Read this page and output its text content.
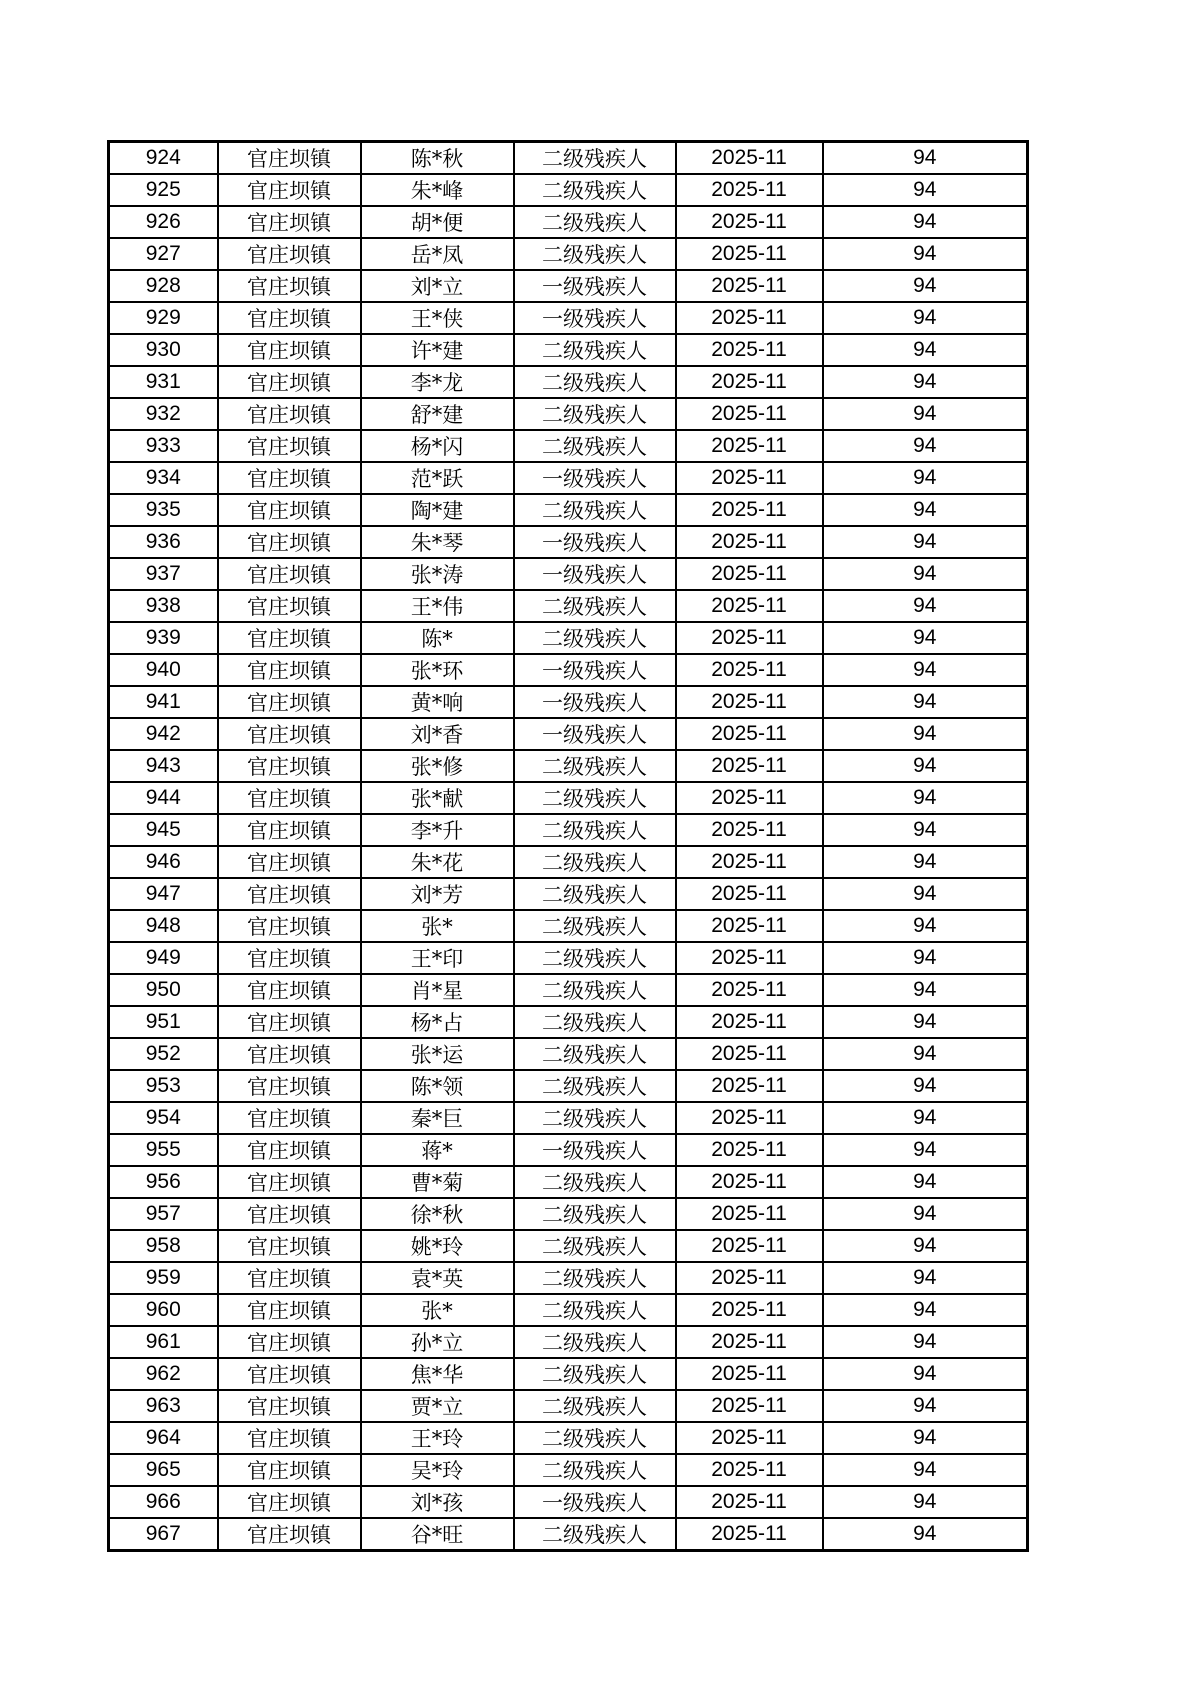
924	官庄坝镇	陈*秋	二级残疾人	2025-11	94
925	官庄坝镇	朱*峰	二级残疾人	2025-11	94
926	官庄坝镇	胡*便	二级残疾人	2025-11	94
927	官庄坝镇	岳*凤	二级残疾人	2025-11	94
928	官庄坝镇	刘*立	一级残疾人	2025-11	94
929	官庄坝镇	王*侠	一级残疾人	2025-11	94
930	官庄坝镇	许*建	二级残疾人	2025-11	94
931	官庄坝镇	李*龙	二级残疾人	2025-11	94
932	官庄坝镇	舒*建	二级残疾人	2025-11	94
933	官庄坝镇	杨*闪	二级残疾人	2025-11	94
934	官庄坝镇	范*跃	一级残疾人	2025-11	94
935	官庄坝镇	陶*建	二级残疾人	2025-11	94
936	官庄坝镇	朱*琴	一级残疾人	2025-11	94
937	官庄坝镇	张*涛	一级残疾人	2025-11	94
938	官庄坝镇	王*伟	二级残疾人	2025-11	94
939	官庄坝镇	陈*	二级残疾人	2025-11	94
940	官庄坝镇	张*环	一级残疾人	2025-11	94
941	官庄坝镇	黄*响	一级残疾人	2025-11	94
942	官庄坝镇	刘*香	一级残疾人	2025-11	94
943	官庄坝镇	张*修	二级残疾人	2025-11	94
944	官庄坝镇	张*献	二级残疾人	2025-11	94
945	官庄坝镇	李*升	二级残疾人	2025-11	94
946	官庄坝镇	朱*花	二级残疾人	2025-11	94
947	官庄坝镇	刘*芳	二级残疾人	2025-11	94
948	官庄坝镇	张*	二级残疾人	2025-11	94
949	官庄坝镇	王*印	二级残疾人	2025-11	94
950	官庄坝镇	肖*星	二级残疾人	2025-11	94
951	官庄坝镇	杨*占	二级残疾人	2025-11	94
952	官庄坝镇	张*运	二级残疾人	2025-11	94
953	官庄坝镇	陈*领	二级残疾人	2025-11	94
954	官庄坝镇	秦*巨	二级残疾人	2025-11	94
955	官庄坝镇	蒋*	一级残疾人	2025-11	94
956	官庄坝镇	曹*菊	二级残疾人	2025-11	94
957	官庄坝镇	徐*秋	二级残疾人	2025-11	94
958	官庄坝镇	姚*玲	二级残疾人	2025-11	94
959	官庄坝镇	袁*英	二级残疾人	2025-11	94
960	官庄坝镇	张*	二级残疾人	2025-11	94
961	官庄坝镇	孙*立	二级残疾人	2025-11	94
962	官庄坝镇	焦*华	二级残疾人	2025-11	94
963	官庄坝镇	贾*立	二级残疾人	2025-11	94
964	官庄坝镇	王*玲	二级残疾人	2025-11	94
965	官庄坝镇	吴*玲	二级残疾人	2025-11	94
966	官庄坝镇	刘*孩	一级残疾人	2025-11	94
967	官庄坝镇	谷*旺	二级残疾人	2025-11	94
